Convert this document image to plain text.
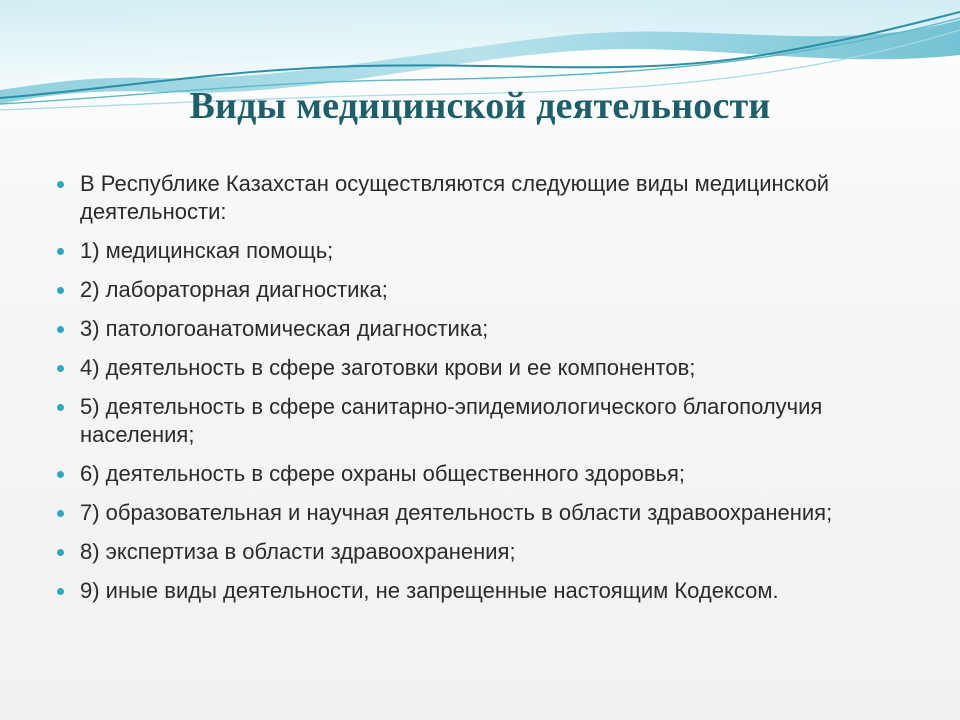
Виды медицинской деятельности
В Республике Казахстан осуществляются следующие виды медицинской деятельности:
1) медицинская помощь;
2) лабораторная диагностика;
3) патологоанатомическая диагностика;
4) деятельность в сфере заготовки крови и ее компонентов;
5) деятельность в сфере санитарно-эпидемиологического благополучия населения;
6) деятельность в сфере охраны общественного здоровья;
7) образовательная и научная деятельность в области здравоохранения;
8) экспертиза в области здравоохранения;
9) иные виды деятельности, не запрещенные настоящим Кодексом.
